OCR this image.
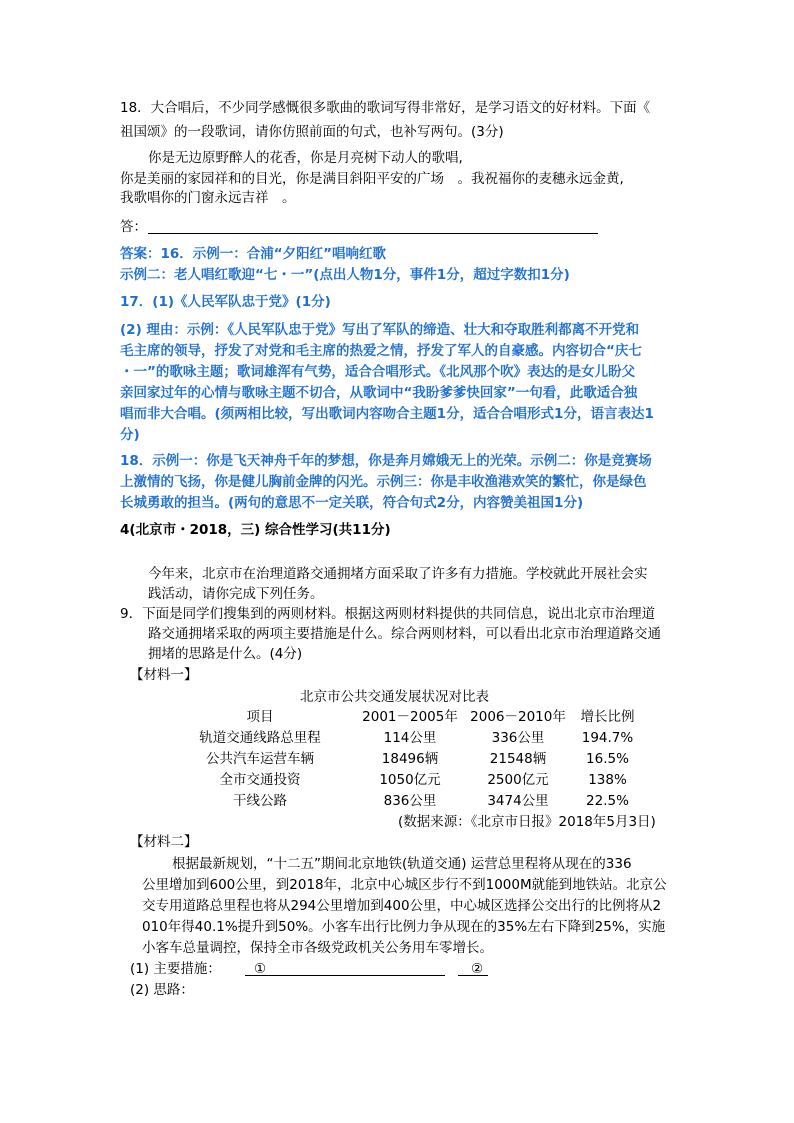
18．大合唱后，不少同学感慨很多歌曲的歌词写得非常好，是学习语文的好材料。下面《
祖国颂》的一段歌词，请你仿照前面的句式，也补写两句。(3分)
你是无边原野醉人的花香，你是月亮树下动人的歌唱,
你是美丽的家园祥和的目光，你是满目斜阳平安的广场　。我祝福你的麦穗永远金黄,
我歌唱你的门窗永远吉祥　。
答：
答案：16．示例一：合浦“夕阳红”唱响红歌
示例二：老人唱红歌迎“七・一”(点出人物1分，事件1分，超过字数扣1分)
17．(1)《人民军队忠于党》(1分)
(2) 理由：示例：《人民军队忠于党》写出了军队的缔造、壮大和夺取胜利都离不开党和
毛主席的领导，抒发了对党和毛主席的热爱之情，抒发了军人的自豪感。内容切合“庆七
・一”的歌咏主题；歌词雄浑有气势，适合合唱形式。《北风那个吹》表达的是女儿盼父
亲回家过年的心情与歌咏主题不切合，从歌词中“我盼爹爹快回家”一句看，此歌适合独
唱而非大合唱。(须两相比较，写出歌词内容吻合主题1分，适合合唱形式1分，语言表达1
分)
18．示例一：你是飞天神舟千年的梦想，你是奔月嫦娥无上的光荣。示例二：你是竞赛场
上激情的飞扬，你是健儿胸前金牌的闪光。示例三：你是丰收渔港欢笑的繁忙，你是绿色
长城勇敢的担当。(两句的意思不一定关联，符合句式2分，内容赞美祖国1分)
4(北京市・2018，三) 综合性学习(共11分)
今年来，北京市在治理道路交通拥堵方面采取了许多有力措施。学校就此开展社会实
践活动，请你完成下列任务。
9．下面是同学们搜集到的两则材料。根据这两则材料提供的共同信息，说出北京市治理道
路交通拥堵采取的两项主要措施是什么。综合两则材料，可以看出北京市治理道路交通
拥堵的思路是什么。(4分)
【材料一】
北京市公共交通发展状况对比表
项目	2001－2005年 2006－2010年	增长比例
轨道交通线路总里程	114公里	336公里	194.7%
公共汽车运营车辆	18496辆	21548辆	16.5%
全市交通投资	1050亿元	2500亿元	138%
干线公路	836公里	3474公里	22.5%
(数据来源：《北京市日报》2018年5月3日)
【材料二】
根据最新规划，“十二五”期间北京地铁(轨道交通) 运营总里程将从现在的336
公里增加到600公里，到2018年，北京中心城区步行不到1000M就能到地铁站。北京公
交专用道路总里程也将从294公里增加到400公里，中心城区选择公交出行的比例将从2
010年得40.1%提升到50%。小客车出行比例力争从现在的35%左右下降到25%，实施
小客车总量调控，保持全市各级党政机关公务用车零增长。
(1) 主要措施： ①	②
(2) 思路：
